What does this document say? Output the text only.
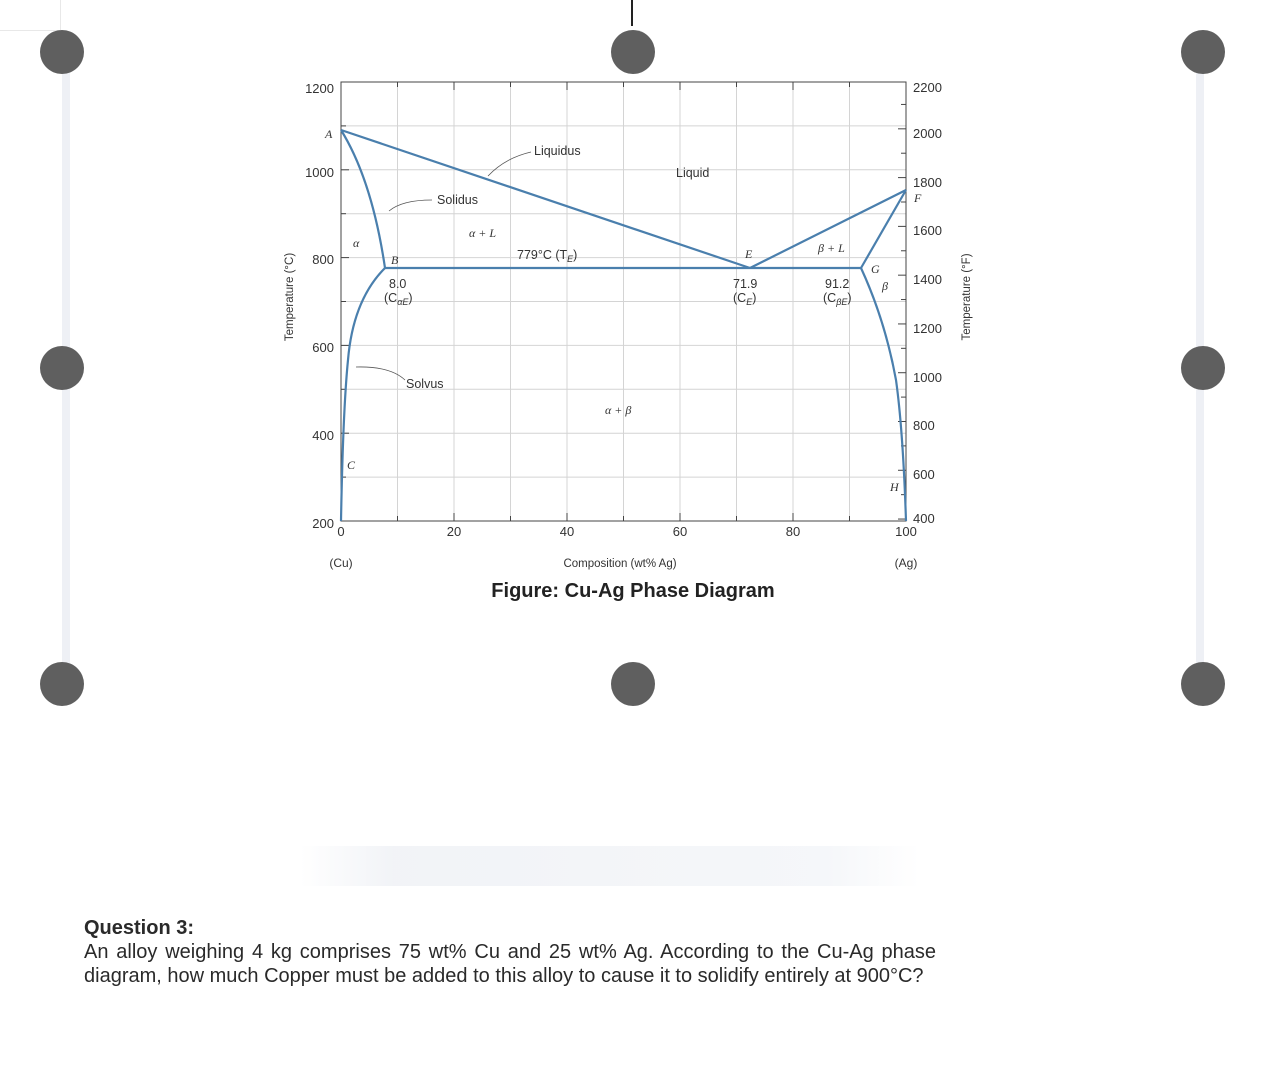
1200
1000
800
600
400
200
2200
2000
1800
1600
1400
1200
1000
800
600
400
0	20	40	60	80	100
(Cu)	(Ag)
Composition (wt% Ag)
Temperature (°C)	Temperature (°F)
A
B
C
E
F
G
H
Liquidus
Liquid
Solidus
Solvus
α
β
α + L
β + L
α + β
779°C $(T_E)$
8.0
$(C_{\alpha E})$
71.9
$(C_E)$
91.2
$(C_{\beta E})$
Figure: Cu-Ag Phase Diagram
Question 3:
An alloy weighing 4 kg comprises 75 wt% Cu and 25 wt% Ag. According to the Cu-Ag phase diagram, how much Copper must be added to this alloy to cause it to solidify entirely at 900°C?
